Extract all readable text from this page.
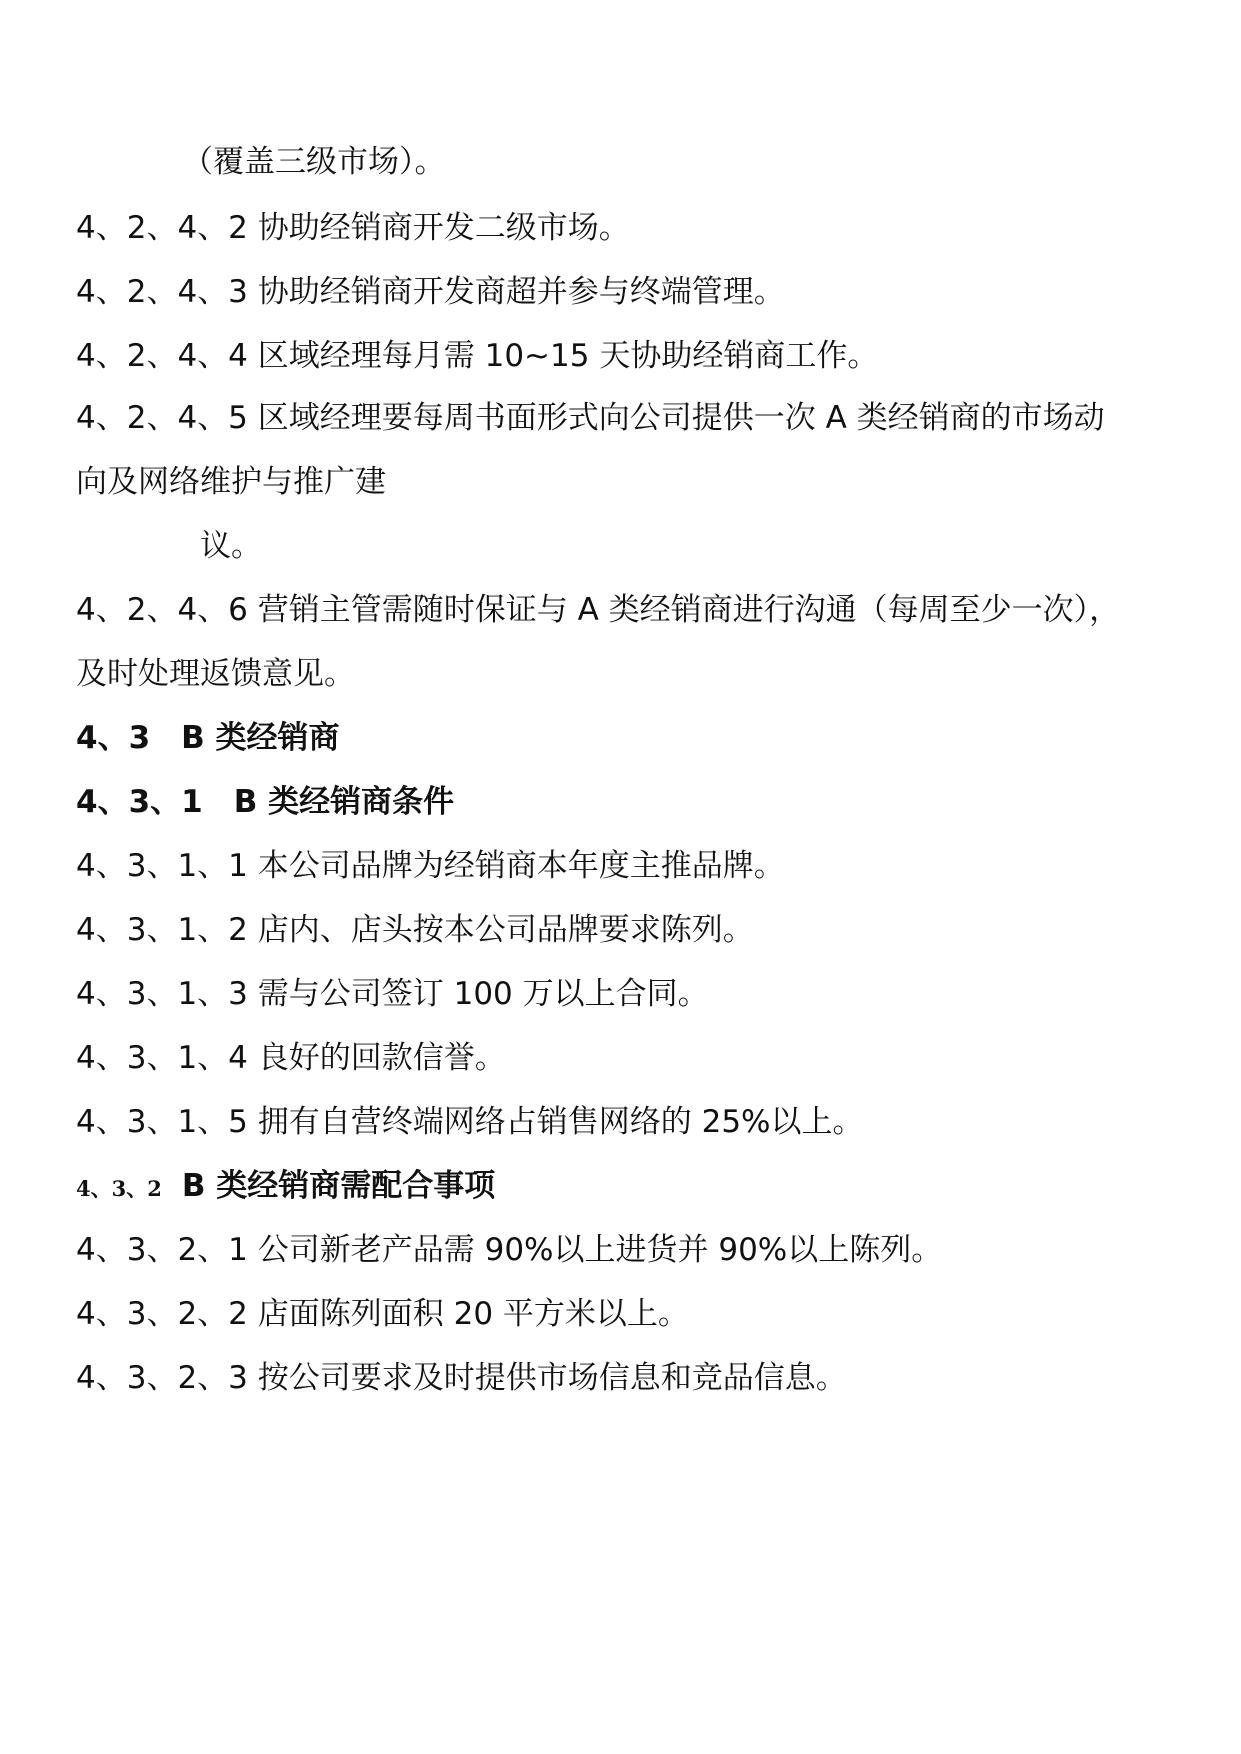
（覆盖三级市场）。
4、2、4、2 协助经销商开发二级市场。
4、2、4、3 协助经销商开发商超并参与终端管理。
4、2、4、4 区域经理每月需 10~15 天协助经销商工作。
4、2、4、5 区域经理要每周书面形式向公司提供一次 A 类经销商的市场动
向及网络维护与推广建
议。
4、2、4、6 营销主管需随时保证与 A 类经销商进行沟通（每周至少一次），
及时处理返馈意见。
4、3　B 类经销商
4、3、1　B 类经销商条件
4、3、1、1 本公司品牌为经销商本年度主推品牌。
4、3、1、2 店内、店头按本公司品牌要求陈列。
4、3、1、3 需与公司签订 100 万以上合同。
4、3、1、4 良好的回款信誉。
4、3、1、5 拥有自营终端网络占销售网络的 25%以上。
4、3、2 B 类经销商需配合事项
4、3、2、1 公司新老产品需 90%以上进货并 90%以上陈列。
4、3、2、2 店面陈列面积 20 平方米以上。
4、3、2、3 按公司要求及时提供市场信息和竞品信息。
